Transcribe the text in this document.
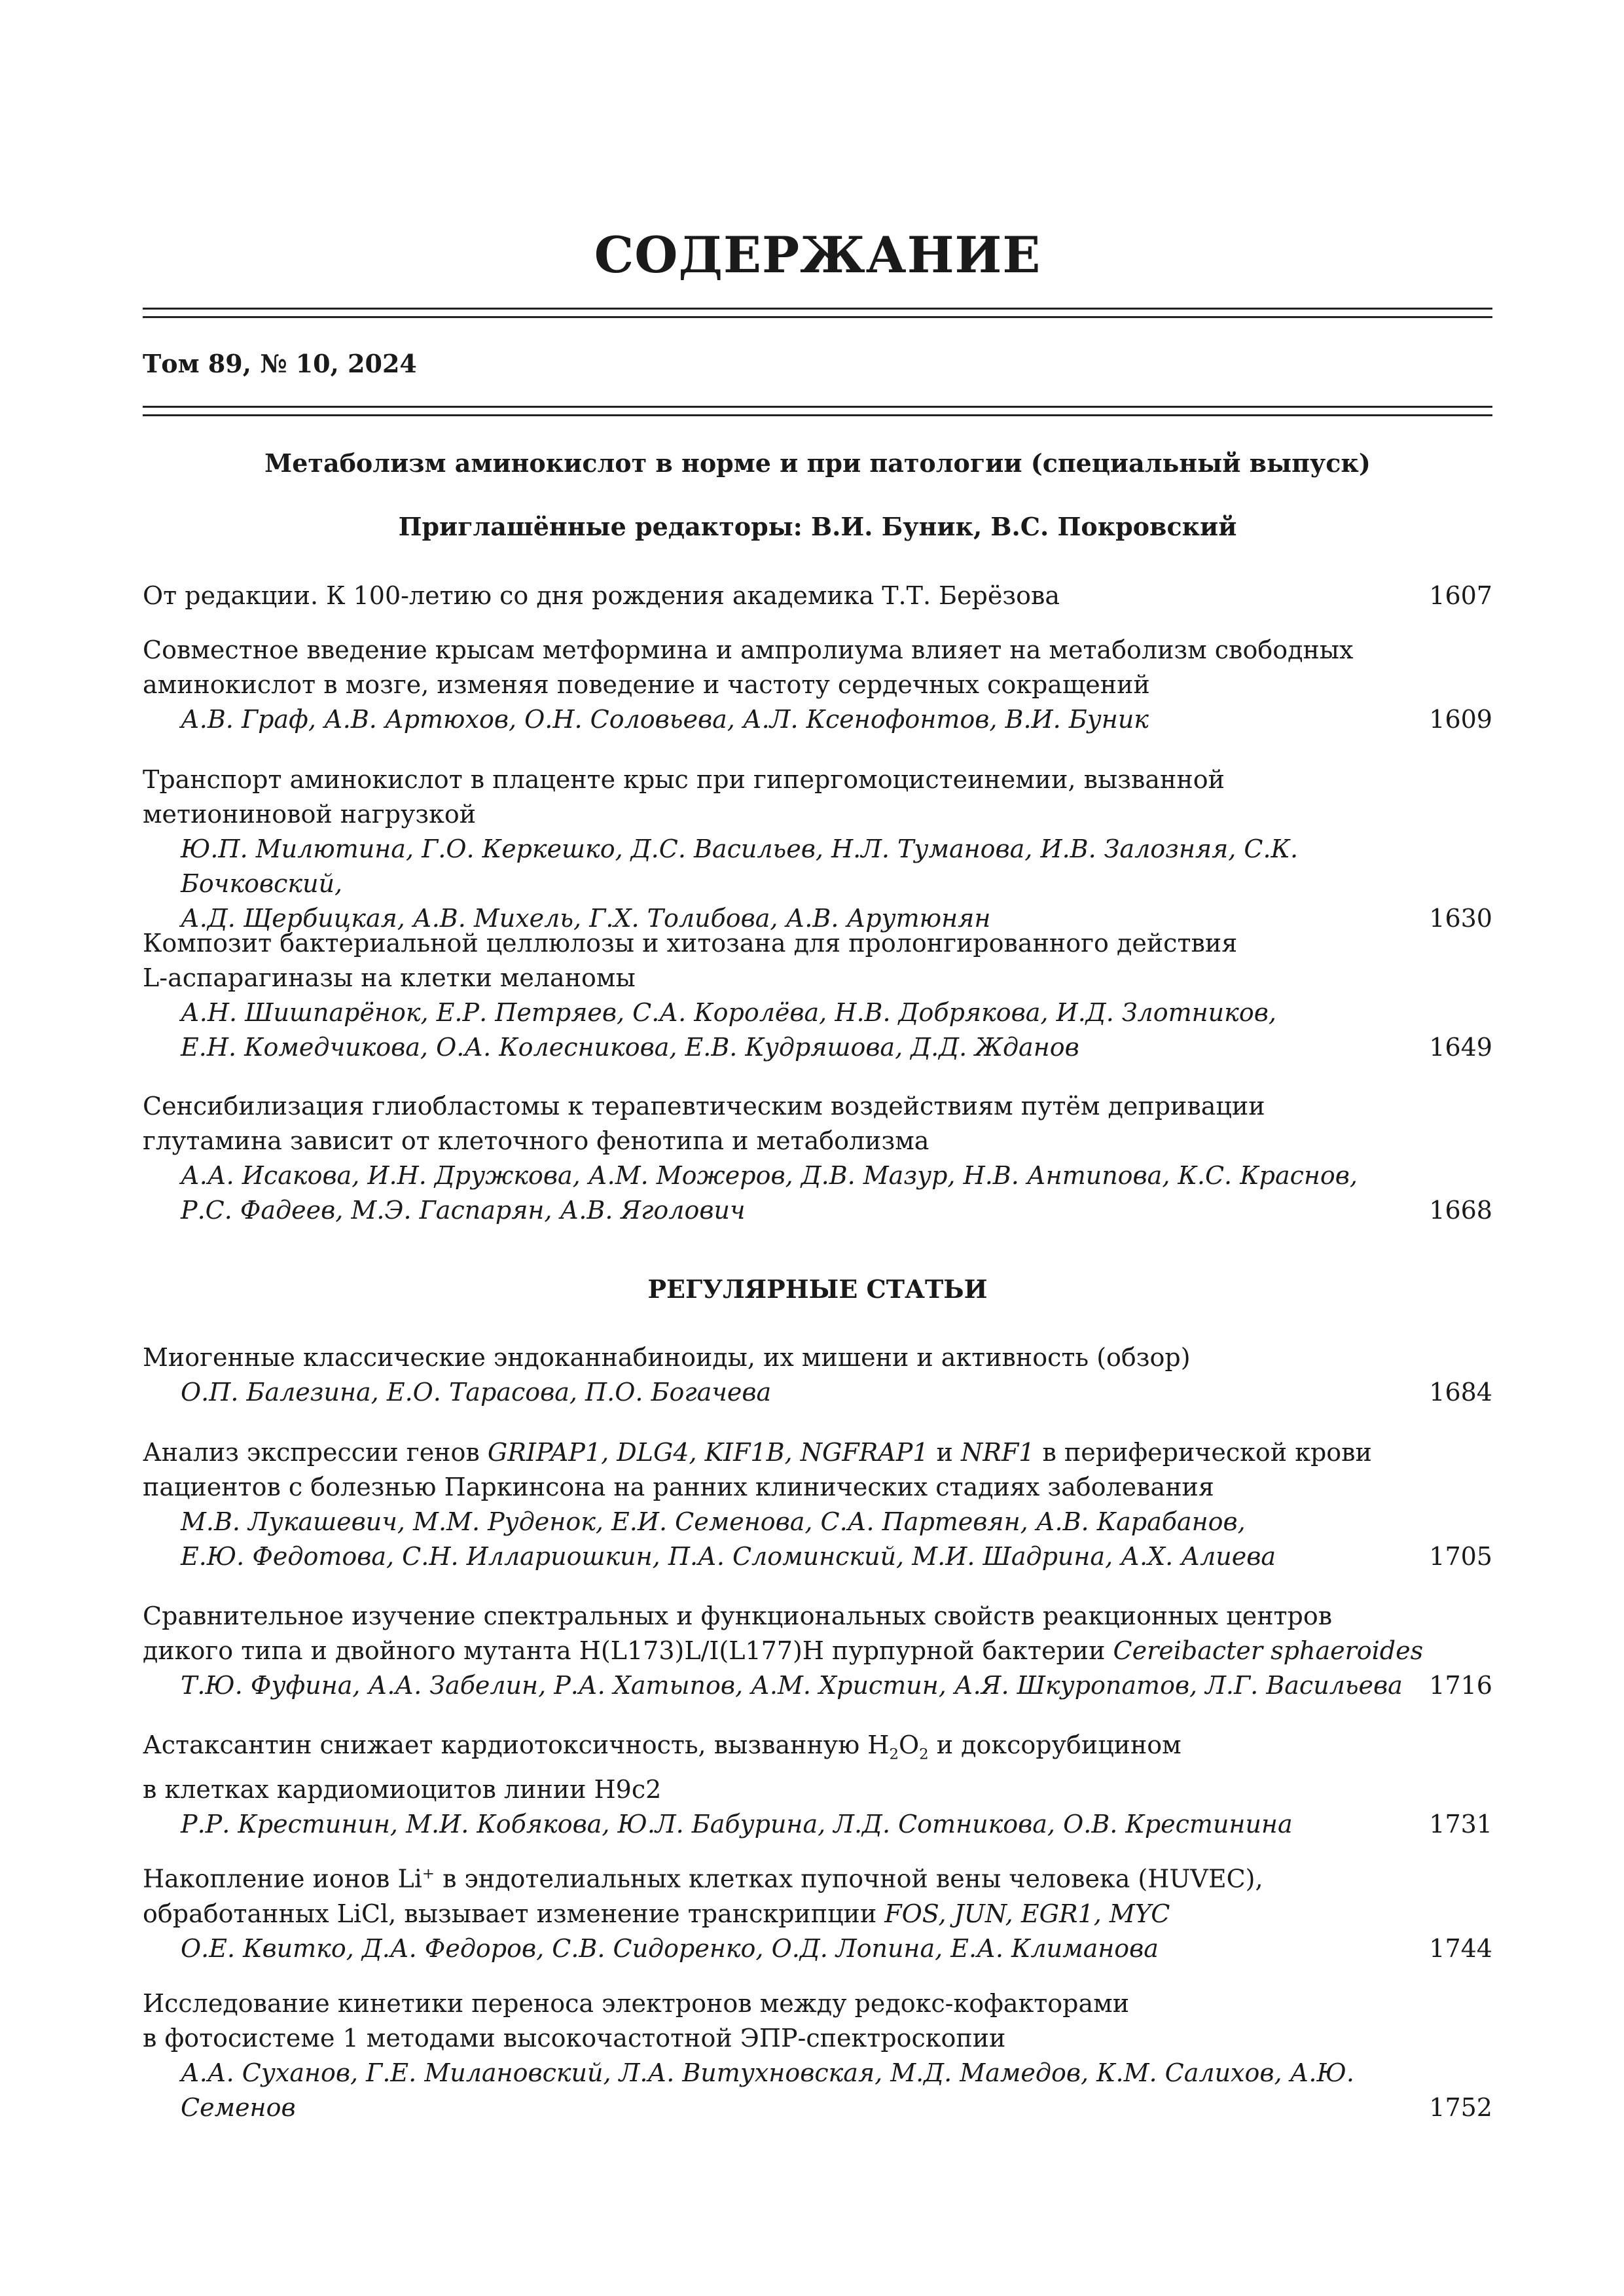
СОДЕРЖАНИЕ
Том 89, № 10, 2024
Метаболизм аминокислот в норме и при патологии (специальный выпуск)
Приглашённые редакторы: В.И. Буник, В.С. Покровский
От редакции. К 100-летию со дня рождения академика Т.Т. Берёзова	1607
Совместное введение крысам метформина и ампролиума влияет на метаболизм свободных
аминокислот в мозге, изменяя поведение и частоту сердечных сокращений
А.В. Граф, А.В. Артюхов, О.Н. Соловьева, А.Л. Ксенофонтов, В.И. Буник	1609
Транспорт аминокислот в плаценте крыс при гипергомоцистеинемии, вызванной
метиониновой нагрузкой
Ю.П. Милютина, Г.О. Керкешко, Д.С. Васильев, Н.Л. Туманова, И.В. Залозняя, С.К. Бочковский,
А.Д. Щербицкая, А.В. Михель, Г.Х. Толибова, А.В. Арутюнян	1630
Композит бактериальной целлюлозы и хитозана для пролонгированного действия
L-аспарагиназы на клетки меланомы
А.Н. Шишпарёнок, Е.Р. Петряев, С.А. Королёва, Н.В. Добрякова, И.Д. Злотников,
Е.Н. Комедчикова, О.А. Колесникова, Е.В. Кудряшова, Д.Д. Жданов	1649
Сенсибилизация глиобластомы к терапевтическим воздействиям путём депривации
глутамина зависит от клеточного фенотипа и метаболизма
А.А. Исакова, И.Н. Дружкова, А.М. Можеров, Д.В. Мазур, Н.В. Антипова, К.С. Краснов,
Р.С. Фадеев, М.Э. Гаспарян, А.В. Яголович	1668
РЕГУЛЯРНЫЕ СТАТЬИ
Миогенные классические эндоканнабиноиды, их мишени и активность (обзор)
О.П. Балезина, Е.О. Тарасова, П.О. Богачева	1684
Анализ экспрессии генов GRIPAP1, DLG4, KIF1B, NGFRAP1 и NRF1 в периферической крови
пациентов с болезнью Паркинсона на ранних клинических стадиях заболевания
М.В. Лукашевич, М.М. Руденок, Е.И. Семенова, С.А. Партевян, А.В. Карабанов,
Е.Ю. Федотова, С.Н. Иллариошкин, П.А. Сломинский, М.И. Шадрина, А.Х. Алиева	1705
Сравнительное изучение спектральных и функциональных свойств реакционных центров
дикого типа и двойного мутанта H(L173)L/I(L177)H пурпурной бактерии Cereibacter sphaeroides
Т.Ю. Фуфина, А.А. Забелин, Р.А. Хатыпов, А.М. Христин, А.Я. Шкуропатов, Л.Г. Васильева	1716
Астаксантин снижает кардиотоксичность, вызванную $H_2O_2$ и доксорубицином
в клетках кардиомиоцитов линии H9c2
Р.Р. Крестинин, М.И. Кобякова, Ю.Л. Бабурина, Л.Д. Сотникова, О.В. Крестинина	1731
Накопление ионов Li+ в эндотелиальных клетках пупочной вены человека (HUVEC),
обработанных LiCl, вызывает изменение транскрипции FOS, JUN, EGR1, MYC
О.Е. Квитко, Д.А. Федоров, С.В. Сидоренко, О.Д. Лопина, Е.А. Климанова	1744
Исследование кинетики переноса электронов между редокс-кофакторами
в фотосистеме 1 методами высокочастотной ЭПР-спектроскопии
А.А. Суханов, Г.Е. Милановский, Л.А. Витухновская, М.Д. Мамедов, К.М. Салихов, А.Ю. Семенов	1752
